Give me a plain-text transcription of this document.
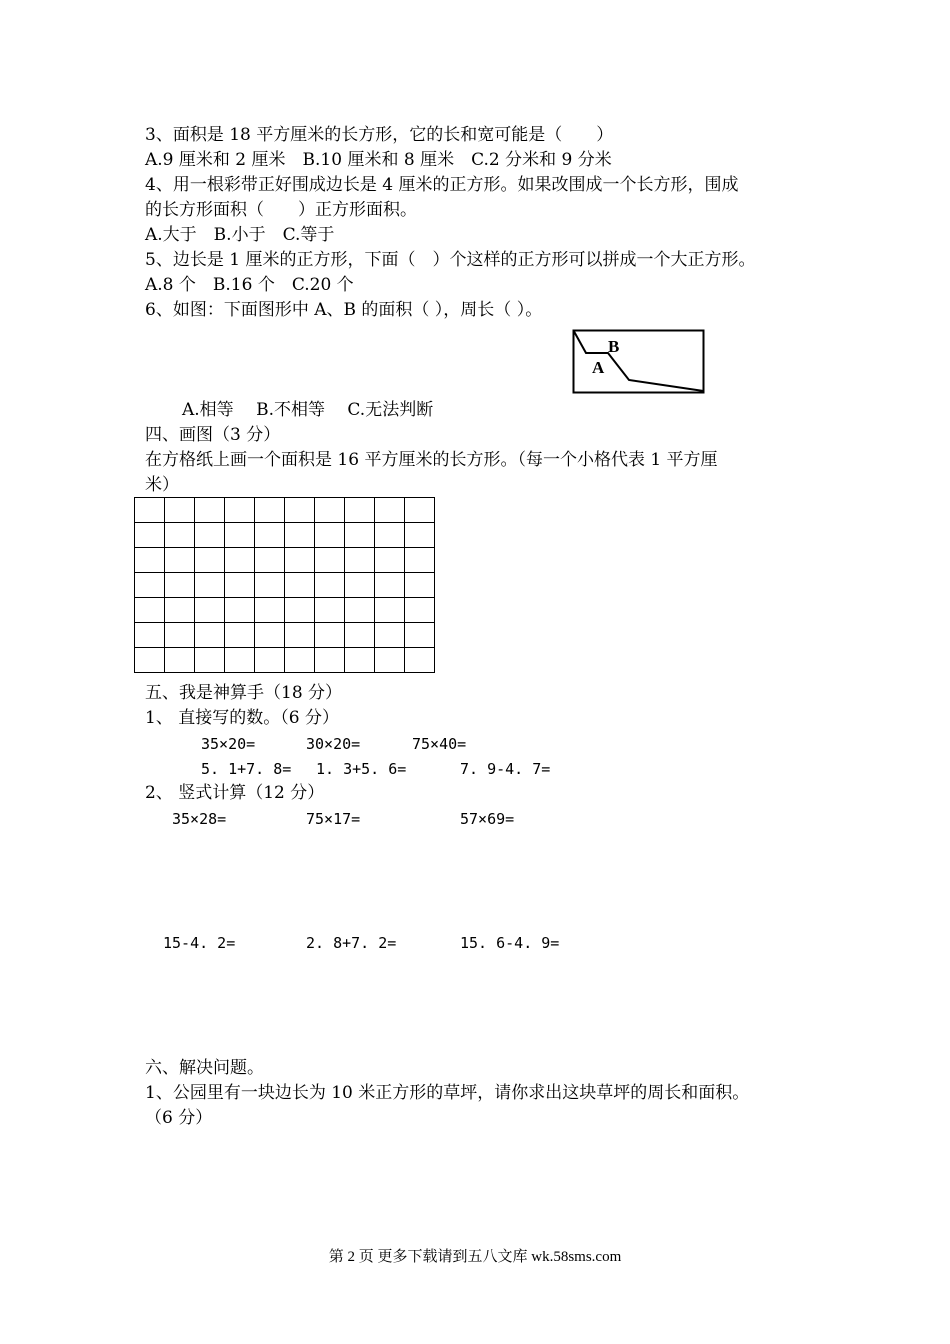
3、面积是 18 平方厘米的长方形，它的长和宽可能是（　　）
A.9 厘米和 2 厘米　B.10 厘米和 8 厘米　C.2 分米和 9 分米
4、用一根彩带正好围成边长是 4 厘米的正方形。如果改围成一个长方形，围成
的长方形面积（　　）正方形面积。
A.大于　B.小于　C.等于
5、边长是 1 厘米的正方形，下面（　）个这样的正方形可以拼成一个大正方形。
A.8 个　B.16 个　C.20 个
6、如图：下面图形中 A、B 的面积（ ），周长（ ）。
B
A
A.相等　 B.不相等　 C.无法判断
四、画图（3 分）
在方格纸上画一个面积是 16 平方厘米的长方形。（每一个小格代表 1 平方厘
米）

五、我是神算手（18 分）
1、 直接写的数。（6 分）
35×20=	30×20=	75×40=
5. 1+7. 8= 1. 3+5. 6=	7. 9-4. 7=
2、 竖式计算（12 分）
35×28=	75×17=	57×69=
15-4. 2=	2. 8+7. 2=	15. 6-4. 9=
六、解决问题。
1、公园里有一块边长为 10 米正方形的草坪，请你求出这块草坪的周长和面积。
（6 分）
第 2 页 更多下载请到五八文库 wk.58sms.com
